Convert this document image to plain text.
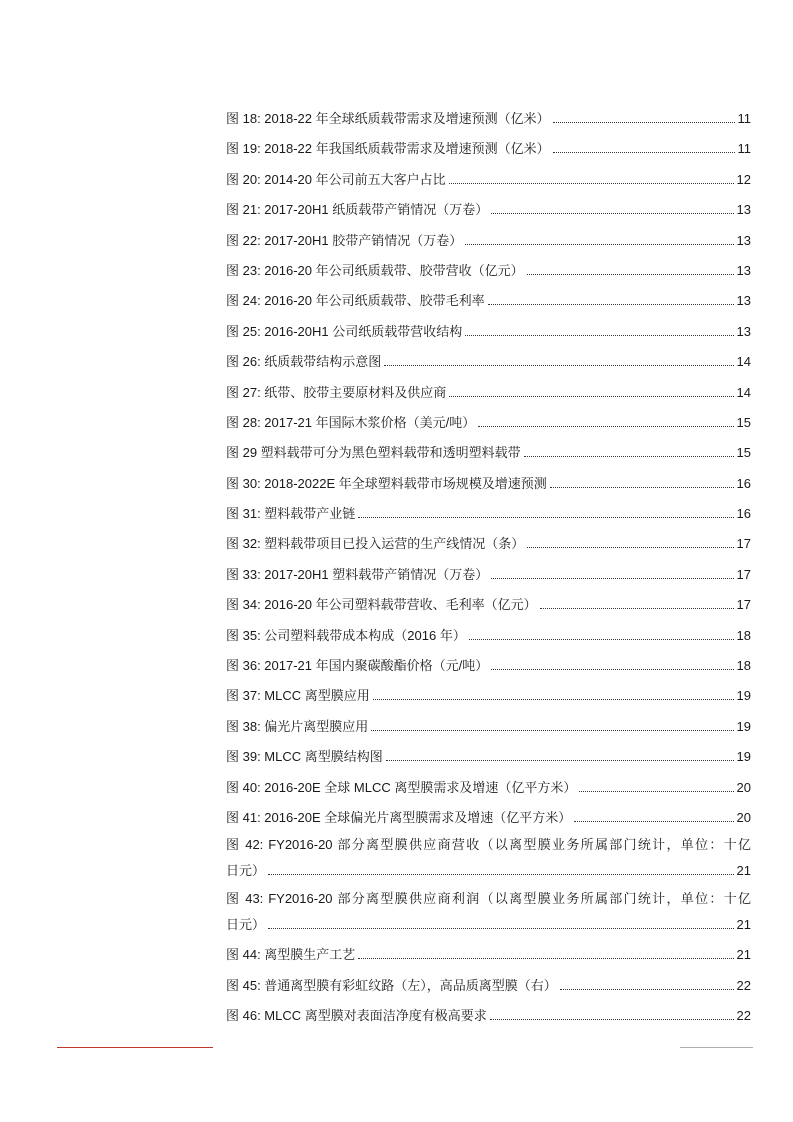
图 18: 2018-22 年全球纸质载带需求及增速预测（亿米）	11
图 19: 2018-22 年我国纸质载带需求及增速预测（亿米）	11
图 20: 2014-20 年公司前五大客户占比	12
图 21: 2017-20H1 纸质载带产销情况（万卷）	13
图 22: 2017-20H1 胶带产销情况（万卷）	13
图 23: 2016-20 年公司纸质载带、胶带营收（亿元）	13
图 24: 2016-20 年公司纸质载带、胶带毛利率	13
图 25: 2016-20H1 公司纸质载带营收结构	13
图 26: 纸质载带结构示意图	14
图 27: 纸带、胶带主要原材料及供应商	14
图 28: 2017-21 年国际木浆价格（美元/吨）	15
图 29 塑料载带可分为黑色塑料载带和透明塑料载带	15
图 30: 2018-2022E 年全球塑料载带市场规模及增速预测	16
图 31: 塑料载带产业链	16
图 32: 塑料载带项目已投入运营的生产线情况（条）	17
图 33: 2017-20H1 塑料载带产销情况（万卷）	17
图 34: 2016-20 年公司塑料载带营收、毛利率（亿元）	17
图 35: 公司塑料载带成本构成（2016 年）	18
图 36: 2017-21 年国内聚碳酸酯价格（元/吨）	18
图 37: MLCC 离型膜应用	19
图 38: 偏光片离型膜应用	19
图 39: MLCC 离型膜结构图	19
图 40: 2016-20E 全球 MLCC 离型膜需求及增速（亿平方米）	20
图 41: 2016-20E 全球偏光片离型膜需求及增速（亿平方米）	20
图 42: FY2016-20 部分离型膜供应商营收（以离型膜业务所属部门统计，单位：十亿
日元）	21
图 43: FY2016-20 部分离型膜供应商利润（以离型膜业务所属部门统计，单位：十亿
日元）	21
图 44: 离型膜生产工艺	21
图 45: 普通离型膜有彩虹纹路（左），高品质离型膜（右）	22
图 46: MLCC 离型膜对表面洁净度有极高要求	22
